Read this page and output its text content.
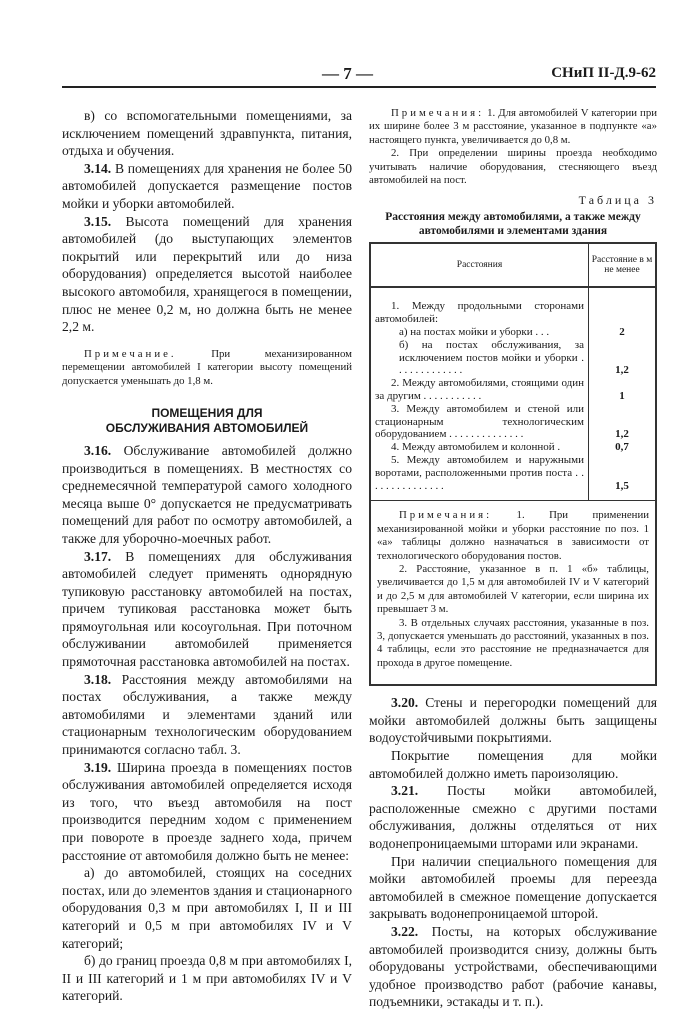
— 7 —	СНиП II-Д.9-62

в) со вспомогательными помещениями, за исключением помещений здравпункта, питания, отдыха и обучения.

3.14. В помещениях для хранения не более 50 автомобилей допускается размещение постов мойки и уборки автомобилей.

3.15. Высота помещений для хранения автомобилей (до выступающих элементов покрытий или перекрытий или до низа оборудования) определяется высотой наиболее высокого автомобиля, хранящегося в помещении, плюс не менее 0,2 м, но должна быть не менее 2,2 м.

Примечание.	При механизированном перемещении автомобилей I категории высоту помещений допускается уменьшать до 1,8 м.
ПОМЕЩЕНИЯ ДЛЯ ОБСЛУЖИВАНИЯ АВТОМОБИЛЕЙ

3.16. Обслуживание автомобилей должно производиться в помещениях. В местностях со среднемесячной температурой самого холодного месяца выше 0° допускается не предусматривать помещений для работ по осмотру автомобилей, а также для уборочно-моечных работ.

3.17. В помещениях для обслуживания автомобилей следует применять однорядную тупиковую расстановку автомобилей на постах, причем тупиковая расстановка может быть прямоугольная или косоугольная. При поточном обслуживании автомобилей применяется прямоточная расстановка автомобилей на постах.

3.18. Расстояния между автомобилями на постах обслуживания, а также между автомобилями и элементами зданий или стационарным технологическим оборудованием принимаются согласно табл. 3.

3.19. Ширина проезда в помещениях постов обслуживания автомобилей определяется исходя из того, что въезд автомобиля на пост производится передним ходом с применением при повороте в проезде заднего хода, причем расстояние от автомобиля должно быть не менее:

а) до автомобилей, стоящих на соседних постах, или до элементов здания и стационарного оборудования 0,3 м при автомобилях I, II и III категорий и 0,5 м при автомобилях IV и V категорий;

б) до границ проезда 0,8 м при автомобилях I, II и III категорий и 1 м при автомобилях IV и V категорий.

Примечания: 1. Для автомобилей V категории при их ширине более 3 м расстояние, указанное в подпункте «а» настоящего пункта, увеличивается до 0,8 м.
2. При определении ширины проезда необходимо учитывать наличие оборудования, стесняющего въезд автомобилей на пост.
Таблица 3
Расстояния между автомобилями, а также между автомобилями и элементами здания
Расстояния	Расстояние в м не менее
1. Между продольными сторонами автомобилей:	
а) на постах мойки и уборки . . .	2
б) на постах обслуживания, за исключением постов мойки и уборки . . . . . . . . . . . . .	1,2
2. Между автомобилями, стоящими один за другим . . . . . . . . . . .	1
3. Между автомобилем и стеной или стационарным технологическим оборудованием . . . . . . . . . . . . . .	1,2
4. Между автомобилем и колонной .	0,7
5. Между автомобилем и наружными воротами, расположенными против поста . . . . . . . . . . . . . . .	1,5
Примечания: 1. При применении механизированной мойки и уборки расстояние по поз. 1 «а» таблицы должно назначаться в зависимости от технологического оборудования постов.
2. Расстояние, указанное в п. 1 «б» таблицы, увеличивается до 1,5 м для автомобилей IV и V категорий и до 2,5 м для автомобилей V категории, если ширина их превышает 3 м.
3. В отдельных случаях расстояния, указанные в поз. 3, допускается уменьшать до расстояний, указанных в поз. 4 таблицы, если это расстояние не предназначается для прохода в другое помещение.

3.20. Стены и перегородки помещений для мойки автомобилей должны быть защищены водоустойчивыми покрытиями.

Покрытие помещения для мойки автомобилей должно иметь пароизоляцию.

3.21. Посты мойки автомобилей, расположенные смежно с другими постами обслуживания, должны отделяться от них водонепроницаемыми шторами или экранами.

При наличии специального помещения для мойки автомобилей проемы для переезда автомобилей в смежное помещение допускается закрывать водонепроницаемой шторой.

3.22. Посты, на которых обслуживание автомобилей производится снизу, должны быть оборудованы устройствами, обеспечивающими удобное производство работ (рабочие канавы, подъемники, эстакады и т. п.).
